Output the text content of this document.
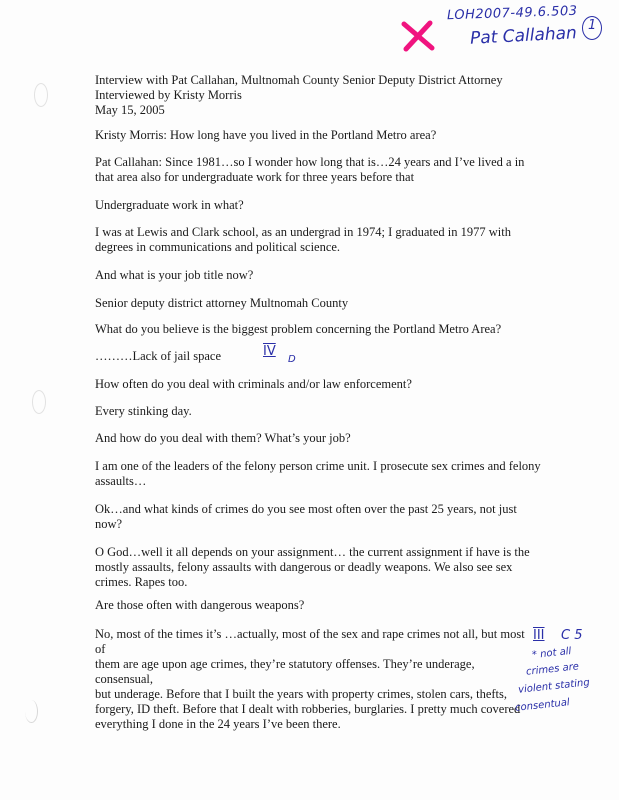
LOH2007-49.6.503
Pat Callahan 1

Interview with Pat Callahan, Multnomah County Senior Deputy District Attorney

Interviewed by Kristy Morris

May 15, 2005

Kristy Morris: How long have you lived in the Portland Metro area?

Pat Callahan: Since 1981…so I wonder how long that is…24 years and I’ve lived a in
that area also for undergraduate work for three years before that

Undergraduate work in what?

I was at Lewis and Clark school, as an undergrad in 1974; I graduated in 1977 with
degrees in communications and political science.

And what is your job title now?

Senior deputy district attorney Multnomah County

What do you believe is the biggest problem concerning the Portland Metro Area?

………Lack of jail space

How often do you deal with criminals and/or law enforcement?

Every stinking day.

And how do you deal with them? What’s your job?

I am one of the leaders of the felony person crime unit. I prosecute sex crimes and felony
assaults…

Ok…and what kinds of crimes do you see most often over the past 25 years, not just
now?

O God…well it all depends on your assignment… the current assignment if have is the
mostly assaults, felony assaults with dangerous or deadly weapons. We also see sex
crimes. Rapes too.

Are those often with dangerous weapons?

No, most of the times it’s …actually, most of the sex and rape crimes not all, but most of
them are age upon age crimes, they’re statutory offenses. They’re underage, consensual,
but underage. Before that I built the years with property crimes, stolen cars, thefts,
forgery, ID theft. Before that I dealt with robberies, burglaries. I pretty much covered
everything I done in the 24 years I’ve been there.

IV
D
III C 5
* not all
crimes are
violent stating
consentual
